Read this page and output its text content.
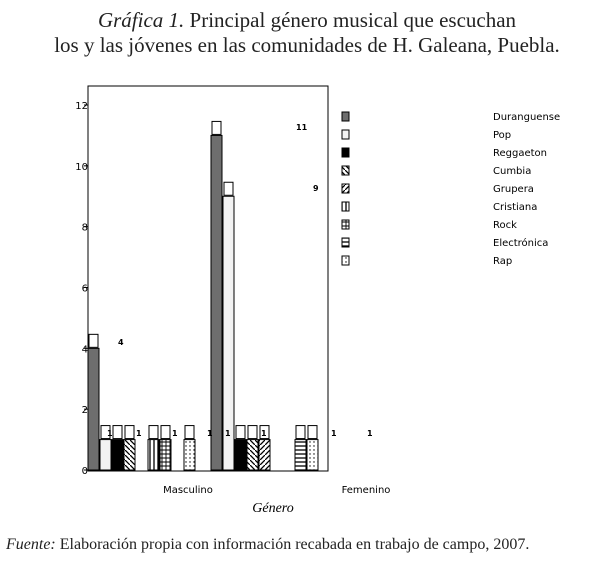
Gráfica 1. Principal género musical que escuchan
los y las jóvenes en las comunidades de H. Galeana, Puebla.
0
2
4
6
8
10
12
4
1	1	1	1
11
9
1	1	1	1
Duranguense
Pop
Reggaeton
Cumbia
Grupera
Cristiana
Rock
Electrónica
Rap
Masculino	Femenino
Género
Fuente: Elaboración propia con información recabada en trabajo de campo, 2007.
